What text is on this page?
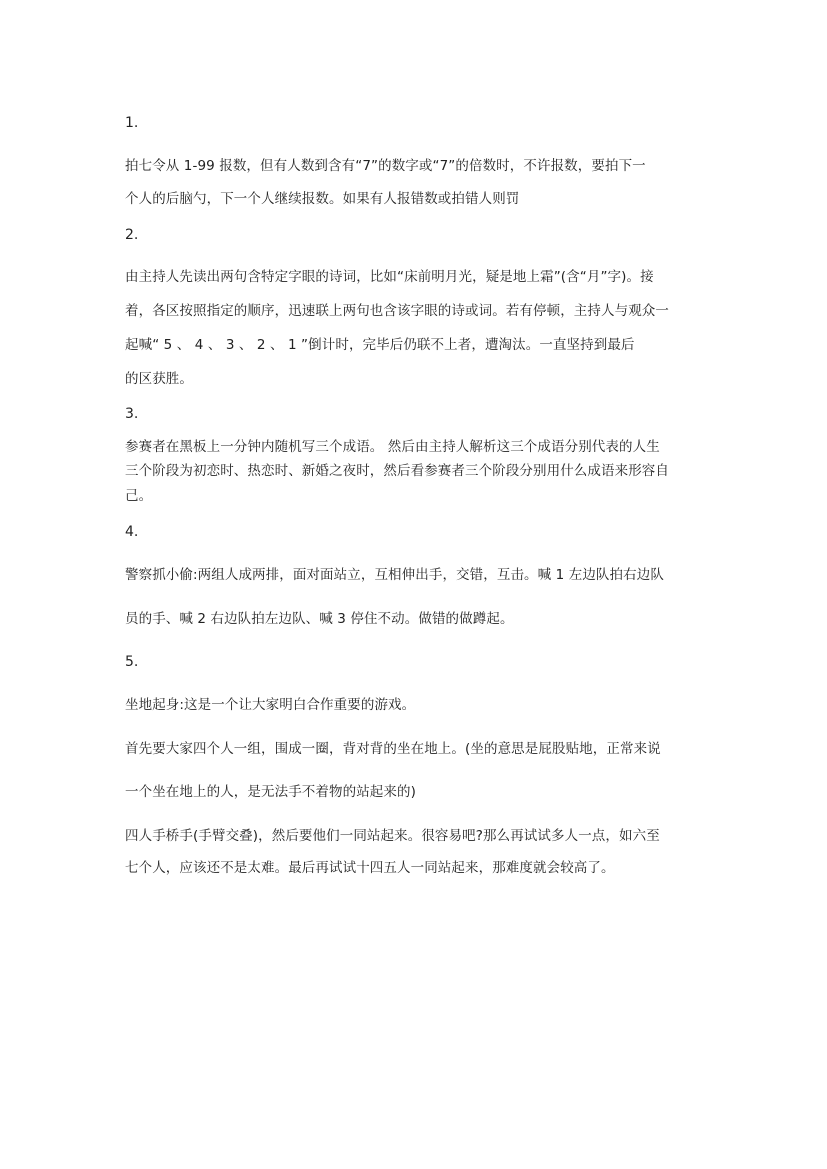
1.
拍七令从 1-99 报数，但有人数到含有“7”的数字或“7”的倍数时，不许报数，要拍下一
个人的后脑勺，下一个人继续报数。如果有人报错数或拍错人则罚
2.
由主持人先读出两句含特定字眼的诗词，比如“床前明月光，疑是地上霜”(含“月”字)。接
着，各区按照指定的顺序，迅速联上两句也含该字眼的诗或词。若有停顿，主持人与观众一
起喊“ 5 、 4 、 3 、 2 、 1 ”倒计时，完毕后仍联不上者，遭淘汰。一直坚持到最后
的区获胜。
3.
参赛者在黑板上一分钟内随机写三个成语。 然后由主持人解析这三个成语分别代表的人生
三个阶段为初恋时、热恋时、新婚之夜时，然后看参赛者三个阶段分别用什么成语来形容自
己。
4.
警察抓小偷:两组人成两排，面对面站立，互相伸出手，交错，互击。喊 1 左边队拍右边队
员的手、喊 2 右边队拍左边队、喊 3 停住不动。做错的做蹲起。
5.
坐地起身:这是一个让大家明白合作重要的游戏。
首先要大家四个人一组，围成一圈，背对背的坐在地上。(坐的意思是屁股贴地，正常来说
一个坐在地上的人，是无法手不着物的站起来的)
四人手桥手(手臂交叠)，然后要他们一同站起来。很容易吧?那么再试试多人一点，如六至
七个人，应该还不是太难。最后再试试十四五人一同站起来，那难度就会较高了。
